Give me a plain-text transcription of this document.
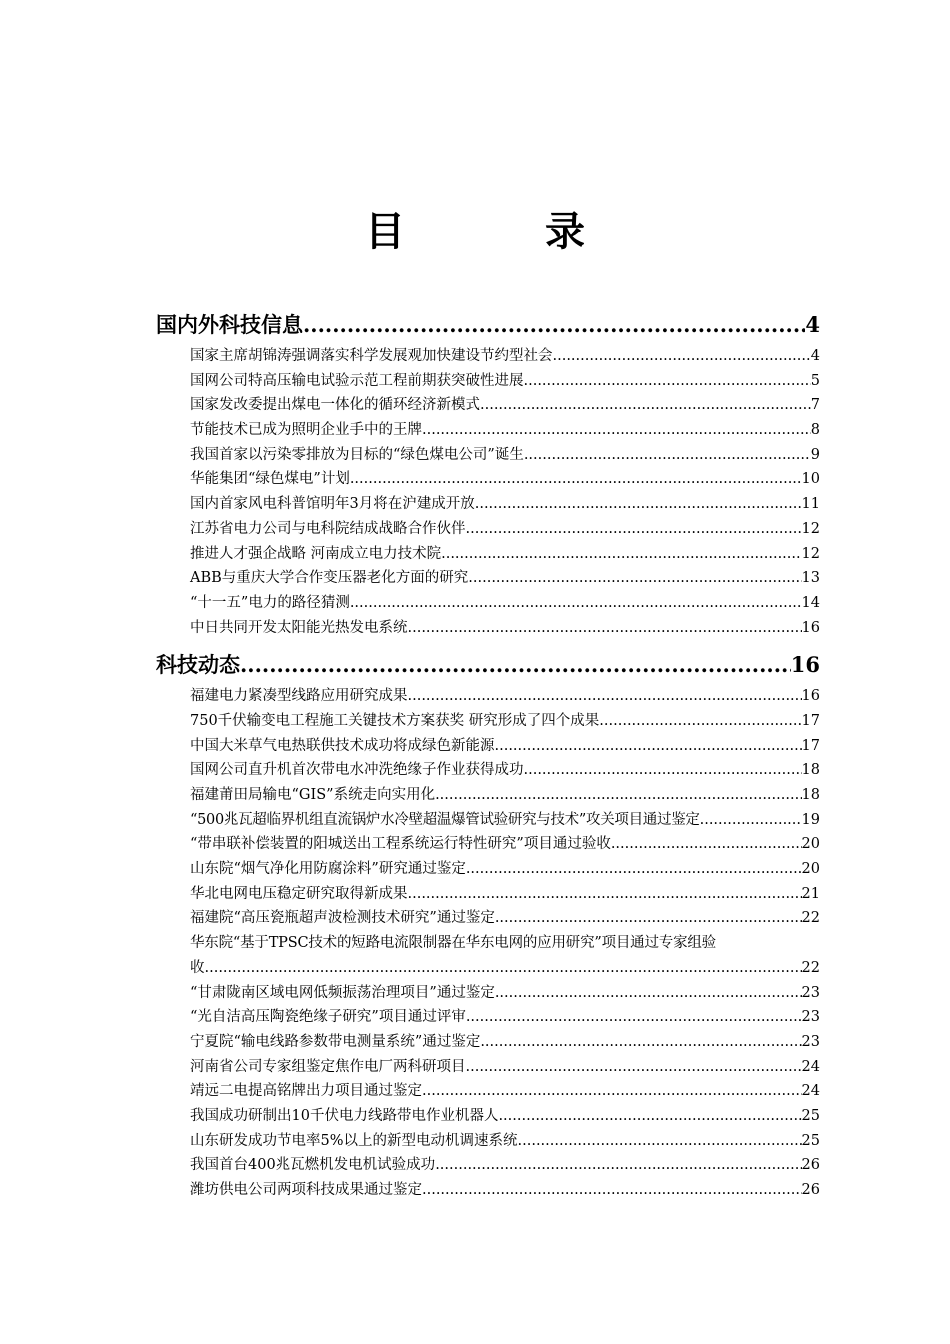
目	录
国内外科技信息 .....	4
国家主席胡锦涛强调落实科学发展观加快建设节约型社会 .....	4
国网公司特高压输电试验示范工程前期获突破性进展 .....	5
国家发改委提出煤电一体化的循环经济新模式 .....	7
节能技术已成为照明企业手中的王牌 .....	8
我国首家以污染零排放为目标的“绿色煤电公司”诞生 .....	9
华能集团“绿色煤电”计划 .....	10
国内首家风电科普馆明年3月将在沪建成开放 .....	11
江苏省电力公司与电科院结成战略合作伙伴 .....	12
推进人才强企战略 河南成立电力技术院 .....	12
ABB与重庆大学合作变压器老化方面的研究 .....	13
“十一五”电力的路径猜测 .....	14
中日共同开发太阳能光热发电系统 .....	16
科技动态 .....	16
福建电力紧凑型线路应用研究成果 .....	16
750千伏输变电工程施工关键技术方案获奖 研究形成了四个成果 .....	17
中国大米草气电热联供技术成功将成绿色新能源 .....	17
国网公司直升机首次带电水冲洗绝缘子作业获得成功 .....	18
福建莆田局输电“GIS”系统走向实用化 .....	18
“500兆瓦超临界机组直流锅炉水冷壁超温爆管试验研究与技术”攻关项目通过鉴定 .....	19
“带串联补偿装置的阳城送出工程系统运行特性研究”项目通过验收 .....	20
山东院“烟气净化用防腐涂料”研究通过鉴定 .....	20
华北电网电压稳定研究取得新成果 .....	21
福建院“高压瓷瓶超声波检测技术研究”通过鉴定 .....	22
华东院“基于TPSC技术的短路电流限制器在华东电网的应用研究”项目通过专家组验
收 .....	22
“甘肃陇南区域电网低频振荡治理项目”通过鉴定 .....	23
“光自洁高压陶瓷绝缘子研究”项目通过评审 .....	23
宁夏院“输电线路参数带电测量系统”通过鉴定 .....	23
河南省公司专家组鉴定焦作电厂两科研项目 .....	24
靖远二电提高铭牌出力项目通过鉴定 .....	24
我国成功研制出10千伏电力线路带电作业机器人 .....	25
山东研发成功节电率5%以上的新型电动机调速系统 .....	25
我国首台400兆瓦燃机发电机试验成功 .....	26
潍坊供电公司两项科技成果通过鉴定 .....	26
